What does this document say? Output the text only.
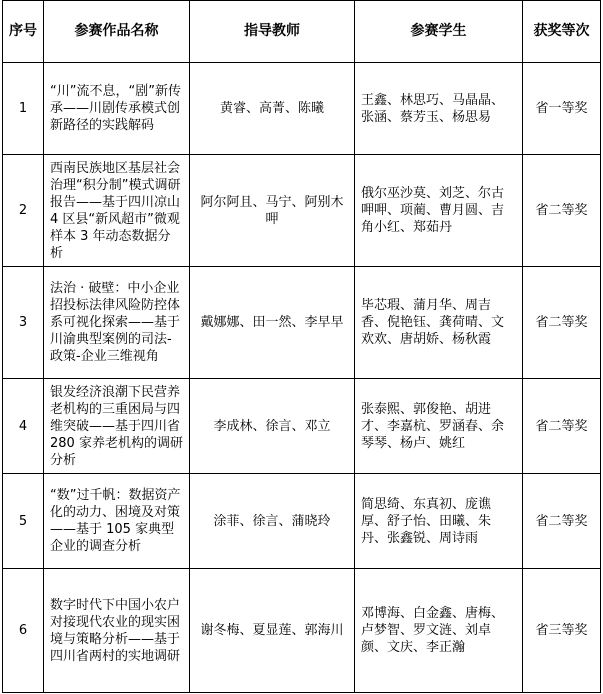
序号	参赛作品名称	指导教师	参赛学生	获奖等次
1	“川”流不息，“剧”新传承——川剧传承模式创新路径的实践解码	黄睿、高菁、陈曦	王鑫、林思巧、马晶晶、张涵、蔡芳玉、杨思易	省一等奖
2	西南民族地区基层社会治理“积分制”模式调研报告——基于四川凉山 4 区县“新风超市”微观样本 3 年动态数据分析	阿尔阿且、马宁、阿别木呷	俄尔巫沙莫、刘芝、尔古呷呷、项蔺、曹月圆、吉角小红、郑茹丹	省二等奖
3	法治 · 破壁：中小企业招投标法律风险防控体系可视化探索——基于川渝典型案例的司法-政策-企业三维视角	戴娜娜、田一然、李早早	毕芯瑕、蒲月华、周吉香、倪艳钰、龚荷晴、文欢欢、唐胡娇、杨秋霞	省二等奖
4	银发经济浪潮下民营养老机构的三重困局与四维突破——基于四川省 280 家养老机构的调研分析	李成林、徐言、邓立	张泰熙、郭俊艳、胡进才、李嘉杭、罗涵春、余琴琴、杨卢、姚红	省二等奖
5	“数”过千帆：数据资产化的动力、困境及对策——基于 105 家典型企业的调查分析	涂菲、徐言、蒲晓玲	简思绮、东真初、庞谯厚、舒子怡、田曦、朱丹、张鑫锐、周诗雨	省二等奖
6	数字时代下中国小农户对接现代农业的现实困境与策略分析——基于四川省两村的实地调研	谢冬梅、夏显莲、郭海川	邓博海、白金鑫、唐梅、卢梦智、罗文涟、刘卓颜、文庆、李正瀚	省三等奖
